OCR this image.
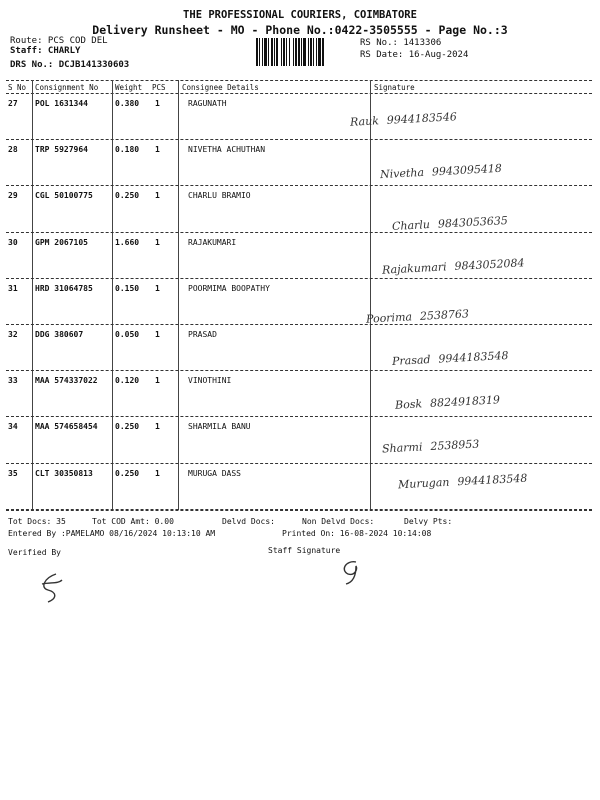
THE PROFESSIONAL COURIERS, COIMBATORE
Delivery Runsheet - MO - Phone No.:0422-3505555 - Page No.:3
Route: PCS COD DEL
Staff: CHARLY
DRS No.: DCJB141330603
RS No.: 1413306
RS Date: 16-Aug-2024
S No Consignment No Weight PCS Consignee Details	Signature
27 POL 1631344	0.380 1	RAGUNATH
Rauk 9944183546
28 TRP 5927964	0.180 1	NIVETHA ACHUTHAN
Nivetha 9943095418
29 CGL 50100775	0.250 1	CHARLU BRAMIO
Charlu 9843053635
30 GPM 2067105	1.660 1	RAJAKUMARI
Rajakumari 9843052084
31 HRD 31064785	0.150 1	POORMIMA BOOPATHY
Poorima 2538763
32 DDG 380607	0.050 1	PRASAD
Prasad 9944183548
33 MAA 574337022 0.120 1	VINOTHINI
Bosk 8824918319
34 MAA 574658454 0.250 1	SHARMILA BANU
Sharmi 2538953
35 CLT 30350813	0.250 1	MURUGA DASS
Murugan 9944183548
Tot Docs: 35	Tot COD Amt: 0.00	Delvd Docs:	Non Delvd Docs:	Delvy Pts:
Entered By :PAMELAMO 08/16/2024 10:13:10 AM	Printed On: 16-08-2024 10:14:08
Verified By	Staff Signature
